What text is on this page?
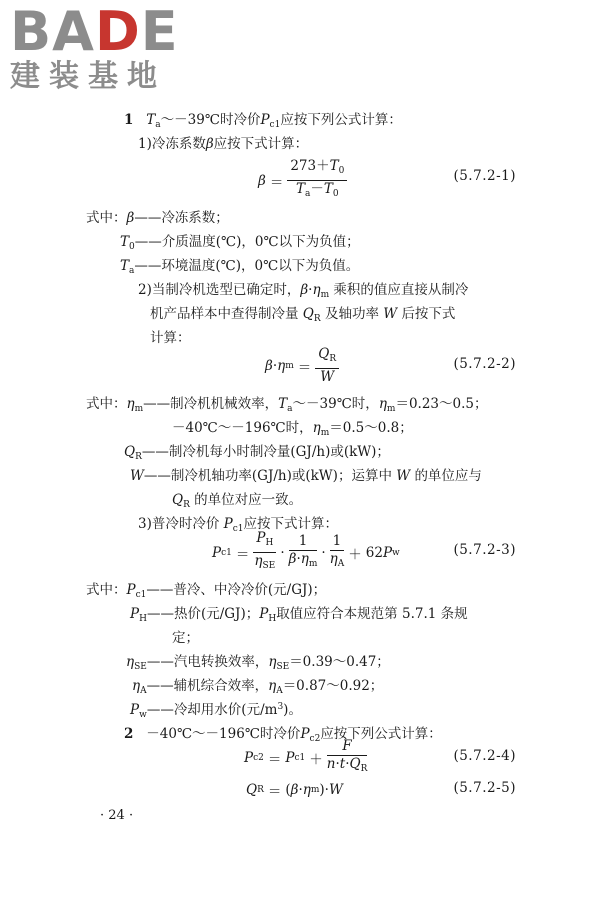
BADE
建装基地
1 $T_a\sim-39℃$时冷价$P_{c1}$应按下列公式计算：
1)冷冻系数β应按下式计算：
$\beta = \frac{273+T_0}{T_a-T_0}$	(5.7.2-1)
式中：β——冷冻系数；
$T_0——$介质温度(℃)，0℃以下为负值；
$T_a——$环境温度(℃)，0℃以下为负值。
2)当制冷机选型已确定时，$\beta\cdot\eta_m$ 乘积的值应直接从制冷
机产品样本中查得制冷量 $Q_R$ 及轴功率 W 后按下式
计算：
β · η $m = \frac{Q_R}{W}$	(5.7.2-2)
式中：$\eta_m——$制冷机机械效率，$T_a\sim-39℃$时，$\eta_m=0.23\sim 0.5$；
－40℃～－196℃时，$\eta_m=0.5\sim 0.8$；
$Q_R——$制冷机每小时制冷量(GJ/h)或(kW)；
W——制冷机轴功率(GJ/h)或(kW)；运算中 W 的单位应与
$Q_R$ 的单位对应一致。
3)普冷时冷价 $P_{c1}$应按下式计算：
P $c1 = \frac{P_H}{\eta_{SE}} \cdot \frac{1}{\beta\cdot\eta_m} \cdot \frac{1}{\eta_A} + 62$ P w	(5.7.2-3)
式中：$P_{c1}——$普冷、中冷冷价(元/GJ)；
$P_H——$热价(元/GJ)；$P_H$取值应符合本规范第 5.7.1 条规
定；
$\eta_{SE}——$汽电转换效率，$\eta_{SE}=0.39\sim 0.47$；
$\eta_A——$辅机综合效率，$\eta_A=0.87\sim 0.92$；
$P_w——$冷却用水价(元$/m^3$)。
2 －40℃～－196℃时冷价$P_{c2}$应按下列公式计算：
P c2 ＝ P $c1 + \frac{F}{n\cdot t\cdot Q_R}$	(5.7.2-4)
Q R ＝ ( β · η m )· W	(5.7.2-5)
· 24 ·
